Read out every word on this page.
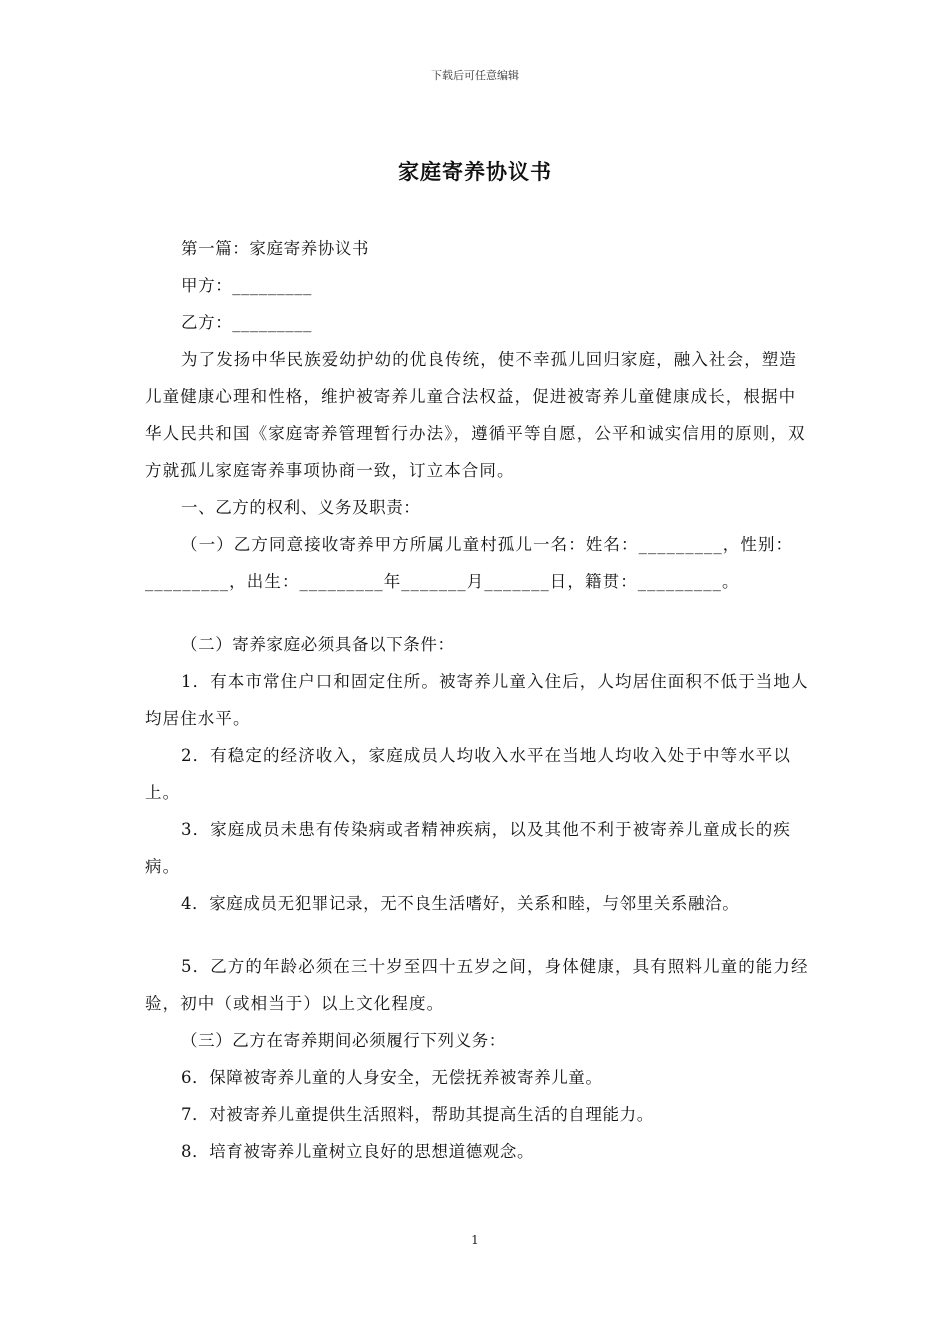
下载后可任意编辑
家庭寄养协议书

第一篇：家庭寄养协议书

甲方：_________

乙方：_________

为了发扬中华民族爱幼护幼的优良传统，使不幸孤儿回归家庭，融入社会，塑造儿童健康心理和性格，维护被寄养儿童合法权益，促进被寄养儿童健康成长，根据中华人民共和国《家庭寄养管理暂行办法》，遵循平等自愿，公平和诚实信用的原则，双方就孤儿家庭寄养事项协商一致，订立本合同。

一、乙方的权利、义务及职责：

（一）乙方同意接收寄养甲方所属儿童村孤儿一名：姓名：_________，性别：_________，出生：_________年_______月_______日，籍贯：_________。

（二）寄养家庭必须具备以下条件：

1．有本市常住户口和固定住所。被寄养儿童入住后，人均居住面积不低于当地人均居住水平。

2．有稳定的经济收入，家庭成员人均收入水平在当地人均收入处于中等水平以上。

3．家庭成员未患有传染病或者精神疾病，以及其他不利于被寄养儿童成长的疾病。

4．家庭成员无犯罪记录，无不良生活嗜好，关系和睦，与邻里关系融洽。

5．乙方的年龄必须在三十岁至四十五岁之间，身体健康，具有照料儿童的能力经验，初中（或相当于）以上文化程度。

（三）乙方在寄养期间必须履行下列义务：

6．保障被寄养儿童的人身安全，无偿抚养被寄养儿童。

7．对被寄养儿童提供生活照料，帮助其提高生活的自理能力。

8．培育被寄养儿童树立良好的思想道德观念。

1
